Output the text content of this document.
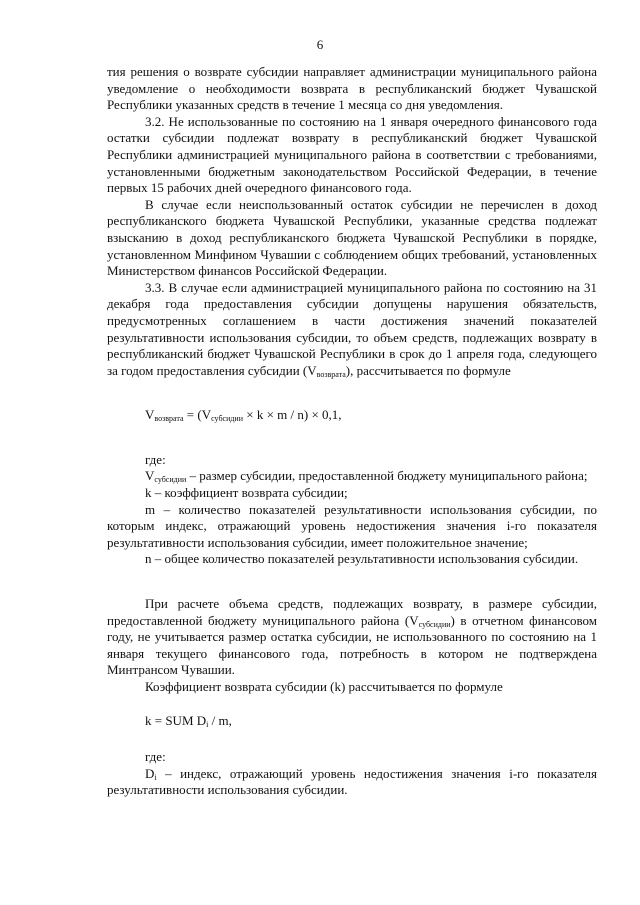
6

тия решения о возврате субсидии направляет администрации муниципального района уведомление о необходимости возврата в республиканский бюджет Чувашской Республики указанных средств в течение 1 месяца со дня уведомления.

3.2. Не использованные по состоянию на 1 января очередного финансового года остатки субсидии подлежат возврату в республиканский бюджет Чувашской Республики администрацией муниципального района в соответствии с требованиями, установленными бюджетным законодательством Российской Федерации, в течение первых 15 рабочих дней очередного финансового года.

В случае если неиспользованный остаток субсидии не перечислен в доход республиканского бюджета Чувашской Республики, указанные средства подлежат взысканию в доход республиканского бюджета Чувашской Республики в порядке, установленном Минфином Чувашии с соблюдением общих требований, установленных Министерством финансов Российской Федерации.

3.3. В случае если администрацией муниципального района по состоянию на 31 декабря года предоставления субсидии допущены нарушения обязательств, предусмотренных соглашением в части достижения значений показателей результативности использования субсидии, то объем средств, подлежащих возврату в республиканский бюджет Чувашской Республики в срок до 1 апреля года, следующего за годом предоставления субсидии $(V_{возврата})$, рассчитывается по формуле

$V_{возврата} = (V_{субсидии} \times k \times m / n) \times 0,1$,

где:

$V_{субсидии}$ – размер субсидии, предоставленной бюджету муниципального района;

k – коэффициент возврата субсидии;

m – количество показателей результативности использования субсидии, по которым индекс, отражающий уровень недостижения значения i-го показателя результативности использования субсидии, имеет положительное значение;

n – общее количество показателей результативности использования субсидии.

При расчете объема средств, подлежащих возврату, в размере субсидии, предоставленной бюджету муниципального района $(V_{субсидии})$ в отчетном финансовом году, не учитывается размер остатка субсидии, не использованного по состоянию на 1 января текущего финансового года, потребность в котором не подтверждена Минтрансом Чувашии.

Коэффициент возврата субсидии (k) рассчитывается по формуле

k = SUM $D_i$ / m,

где:

$D_i$ – индекс, отражающий уровень недостижения значения i-го показателя результативности использования субсидии.
